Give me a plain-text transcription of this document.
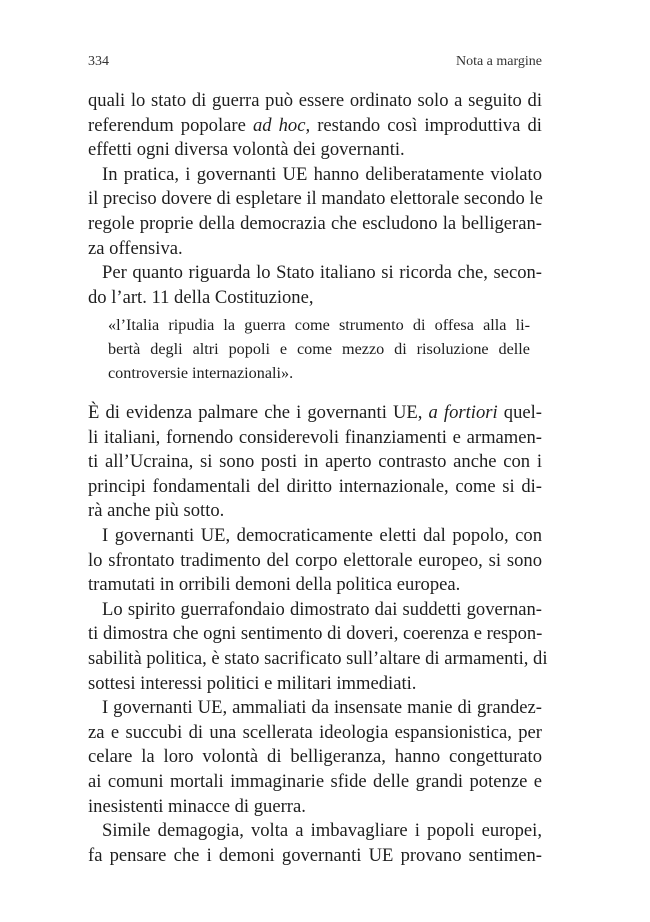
334	Nota a margine
quali lo stato di guerra può essere ordinato solo a seguito di
referendum popolare ad hoc, restando così improduttiva di
effetti ogni diversa volontà dei governanti.
In pratica, i governanti UE hanno deliberatamente violato
il preciso dovere di espletare il mandato elettorale secondo le
regole proprie della democrazia che escludono la belligeran-
za offensiva.
Per quanto riguarda lo Stato italiano si ricorda che, secon-
do l’art. 11 della Costituzione,
«l’Italia ripudia la guerra come strumento di offesa alla li-
bertà degli altri popoli e come mezzo di risoluzione delle
controversie internazionali».
È di evidenza palmare che i governanti UE, a fortiori quel-
li italiani, fornendo considerevoli finanziamenti e armamen-
ti all’Ucraina, si sono posti in aperto contrasto anche con i
principi fondamentali del diritto internazionale, come si di-
rà anche più sotto.
I governanti UE, democraticamente eletti dal popolo, con
lo sfrontato tradimento del corpo elettorale europeo, si sono
tramutati in orribili demoni della politica europea.
Lo spirito guerrafondaio dimostrato dai suddetti governan-
ti dimostra che ogni sentimento di doveri, coerenza e respon-
sabilità politica, è stato sacrificato sull’altare di armamenti, di
sottesi interessi politici e militari immediati.
I governanti UE, ammaliati da insensate manie di grandez-
za e succubi di una scellerata ideologia espansionistica, per
celare la loro volontà di belligeranza, hanno congetturato
ai comuni mortali immaginarie sfide delle grandi potenze e
inesistenti minacce di guerra.
Simile demagogia, volta a imbavagliare i popoli europei,
fa pensare che i demoni governanti UE provano sentimen-
